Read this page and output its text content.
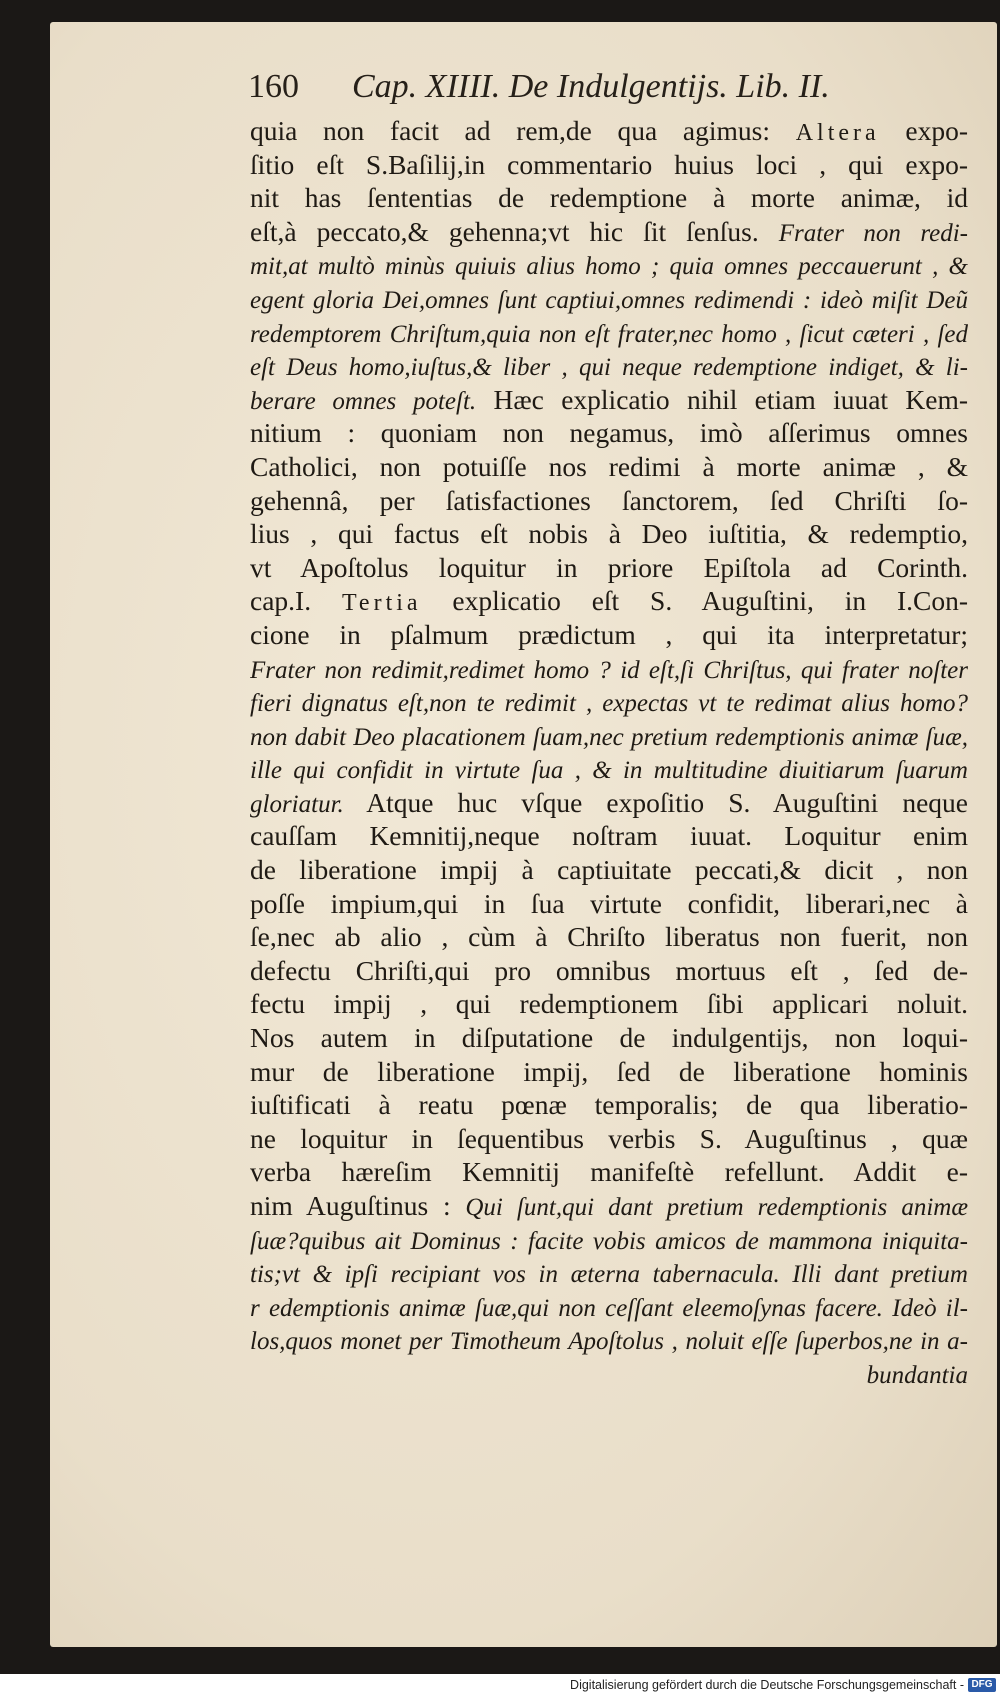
160 Cap. XIIII. De Indulgentijs. Lib. II.
quia non facit ad rem,de qua agimus: Altera expo-
ſitio eſt S.Baſilij,in commentario huius loci , qui expo-
nit has ſententias de redemptione à morte animæ, id
eſt,à peccato,& gehenna;vt hic ſit ſenſus. Frater non redi-
mit,at multò minùs quiuis alius homo ; quia omnes peccauerunt , &
egent gloria Dei,omnes ſunt captiui,omnes redimendi : ideò miſit Deũ
redemptorem Chriſtum,quia non eſt frater,nec homo , ſicut cæteri , ſed
eſt Deus homo,iuſtus,& liber , qui neque redemptione indiget, & li-
berare omnes poteſt. Hæc explicatio nihil etiam iuuat Kem-
nitium : quoniam non negamus, imò aſſerimus omnes
Catholici, non potuiſſe nos redimi à morte animæ , &
gehennâ, per ſatisfactiones ſanctorem, ſed Chriſti ſo-
lius , qui factus eſt nobis à Deo iuſtitia, & redemptio,
vt Apoſtolus loquitur in priore Epiſtola ad Corinth.
cap.I. Tertia explicatio eſt S. Auguſtini, in I.Con-
cione in pſalmum prædictum , qui ita interpretatur;
Frater non redimit,redimet homo ? id eſt,ſi Chriſtus, qui frater noſter
fieri dignatus eſt,non te redimit , expectas vt te redimat alius homo?
non dabit Deo placationem ſuam,nec pretium redemptionis animæ ſuæ,
ille qui confidit in virtute ſua , & in multitudine diuitiarum ſuarum
gloriatur. Atque huc vſque expoſitio S. Auguſtini neque
cauſſam Kemnitij,neque noſtram iuuat. Loquitur enim
de liberatione impij à captiuitate peccati,& dicit , non
poſſe impium,qui in ſua virtute confidit, liberari,nec à
ſe,nec ab alio , cùm à Chriſto liberatus non fuerit, non
defectu Chriſti,qui pro omnibus mortuus eſt , ſed de-
fectu impij , qui redemptionem ſibi applicari noluit.
Nos autem in diſputatione de indulgentijs, non loqui-
mur de liberatione impij, ſed de liberatione hominis
iuſtificati à reatu pœnæ temporalis; de qua liberatio-
ne loquitur in ſequentibus verbis S. Auguſtinus , quæ
verba hæreſim Kemnitij manifeſtè refellunt. Addit e-
nim Auguſtinus : Qui ſunt,qui dant pretium redemptionis animæ
ſuæ?quibus ait Dominus : facite vobis amicos de mammona iniquita-
tis;vt & ipſi recipiant vos in æterna tabernacula. Illi dant pretium
r edemptionis animæ ſuæ,qui non ceſſant eleemoſynas facere. Ideò il-
los,quos monet per Timotheum Apoſtolus , noluit eſſe ſuperbos,ne in a-
bundantia
Digitalisierung gefördert durch die Deutsche Forschungsgemeinschaft - DFG
